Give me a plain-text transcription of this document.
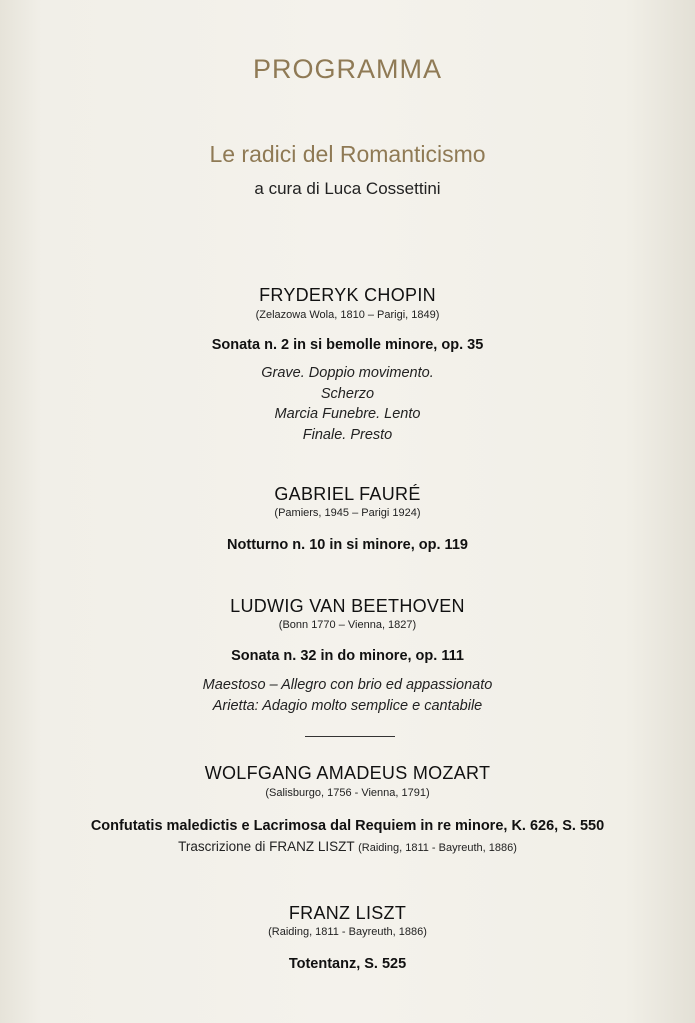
PROGRAMMA
Le radici del Romanticismo
a cura di Luca Cossettini
FRYDERYK CHOPIN
(Zelazowa Wola, 1810 – Parigi, 1849)
Sonata n. 2 in si bemolle minore, op. 35
Grave. Doppio movimento.
Scherzo
Marcia Funebre. Lento
Finale. Presto
GABRIEL FAURÉ
(Pamiers, 1945 – Parigi 1924)
Notturno n. 10 in si minore, op. 119
LUDWIG VAN BEETHOVEN
(Bonn 1770 – Vienna, 1827)
Sonata n. 32 in do minore, op. 111
Maestoso – Allegro con brio ed appassionato
Arietta: Adagio molto semplice e cantabile
WOLFGANG AMADEUS MOZART
(Salisburgo, 1756 - Vienna, 1791)
Confutatis maledictis e Lacrimosa dal Requiem in re minore, K. 626, S. 550
Trascrizione di FRANZ LISZT (Raiding, 1811 - Bayreuth, 1886)
FRANZ LISZT
(Raiding, 1811 - Bayreuth, 1886)
Totentanz, S. 525
